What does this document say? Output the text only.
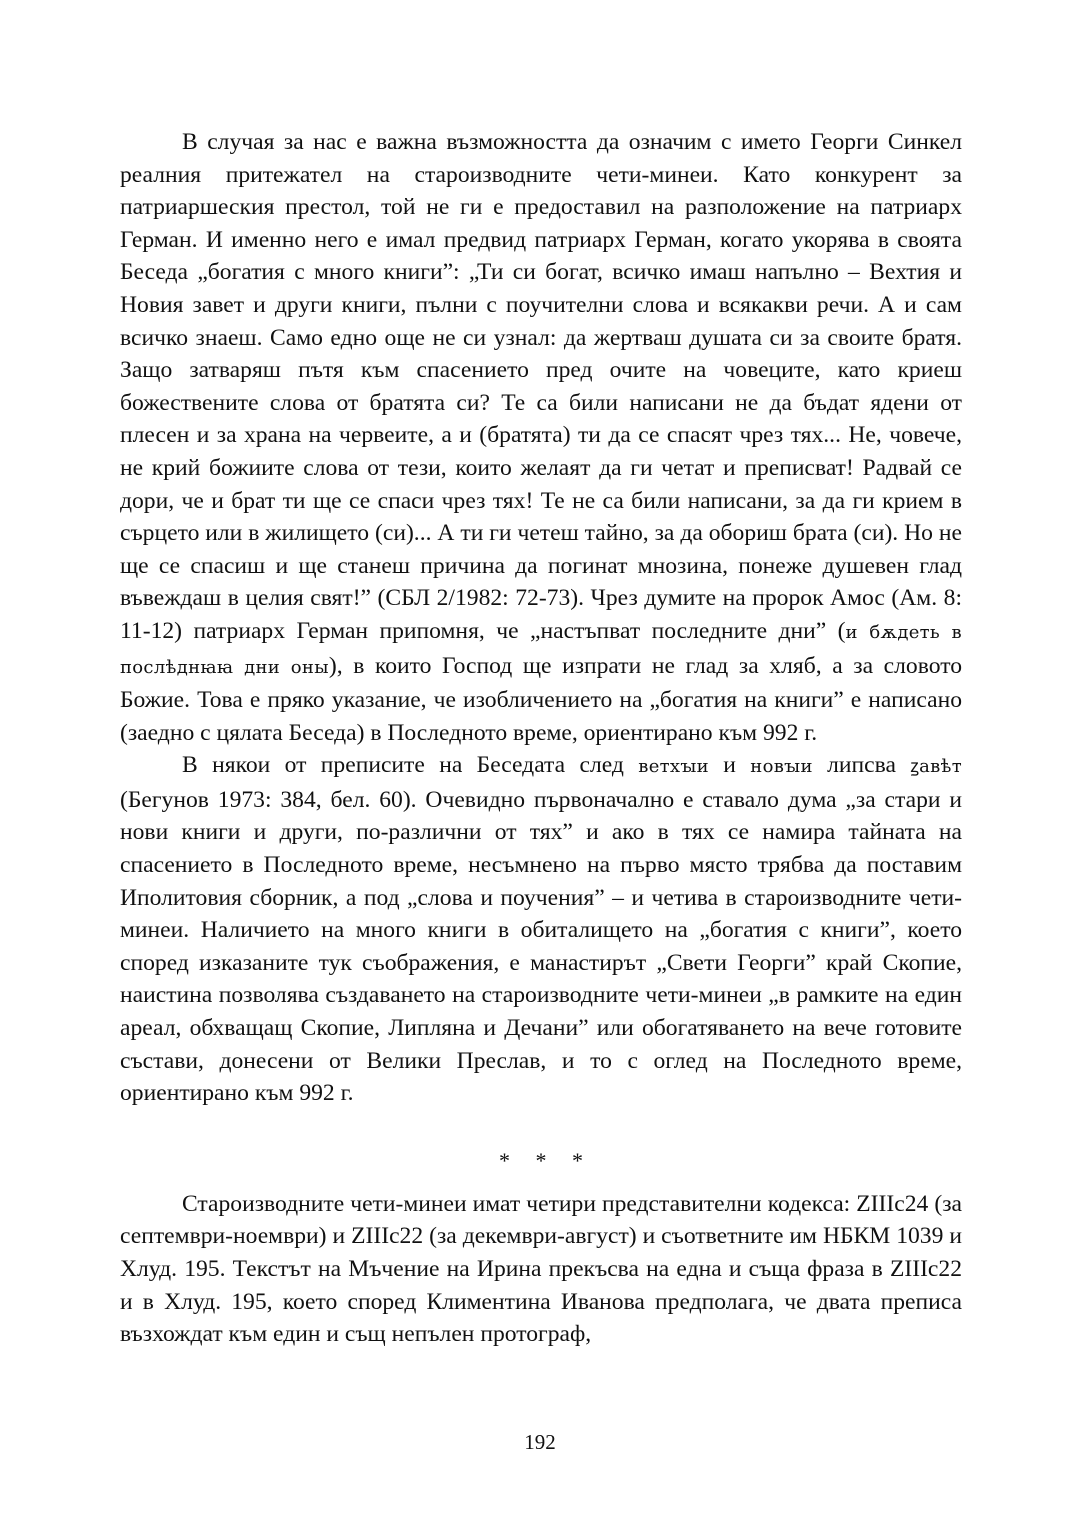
В случая за нас е важна възможността да означим с името Георги Синкел реалния притежател на староизводните чети-минеи. Като конкурент за патриаршеския престол, той не ги е предоставил на разположение на патриарх Герман. И именно него е имал предвид патриарх Герман, когато укорява в своята Беседа „богатия с много книги”: „Ти си богат, всичко имаш напълно – Вехтия и Новия завет и други книги, пълни с поучителни слова и всякакви речи. А и сам всичко знаеш. Само едно още не си узнал: да жертваш душата си за своите братя. Защо затваряш пътя към спасението пред очите на човеците, като криеш божествените слова от братята си? Те са били написани не да бъдат ядени от плесен и за храна на червеите, а и (братята) ти да се спасят чрез тях... Не, човече, не крий божиите слова от тези, които желаят да ги четат и преписват! Радвай се дори, че и брат ти ще се спаси чрез тях! Те не са били написани, за да ги крием в сърцето или в жилището (си)... А ти ги четеш тайно, за да обориш брата (си). Но не ще се спасиш и ще станеш причина да погинат мнозина, понеже душевен глад въвеждаш в целия свят!” (СБЛ 2/1982: 72-73). Чрез думите на пророк Амос (Ам. 8: 11-12) патриарх Герман припомня, че „настъпват последните дни” (и бѫдеть в послѣднꙗꙗ дни оны), в които Господ ще изпрати не глад за хляб, а за словото Божие. Това е пряко указание, че изобличението на „богатия на книги” е написано (заедно с цялата Беседа) в Последното време, ориентирано към 992 г.

В някои от преписите на Беседата след ветхꙑи и новꙑи липсва ꙁавѣт (Бегунов 1973: 384, бел. 60). Очевидно първоначално е ставало дума „за стари и нови книги и други, по-различни от тях” и ако в тях се намира тайната на спасението в Последното време, несъмнено на първо място трябва да поставим Иполитовия сборник, а под „слова и поучения” – и четива в староизводните чети-минеи. Наличието на много книги в обиталището на „богатия с книги”, което според изказаните тук съображения, е манастирът „Свети Георги” край Скопие, наистина позволява създаването на староизводните чети-минеи „в рамките на един ареал, обхващащ Скопие, Липляна и Дечани” или обогатяването на вече готовите състави, донесени от Велики Преслав, и то с оглед на Последното време, ориентирано към 992 г.

* * *

Староизводните чети-минеи имат четири представителни кодекса: ZIIIc24 (за септември-ноември) и ZIIIc22 (за декември-август) и съответните им НБКМ 1039 и Хлуд. 195. Текстът на Мъчение на Ирина прекъсва на една и съща фраза в ZIIIc22 и в Хлуд. 195, което според Климентина Иванова предполага, че двата преписа възхождат към един и същ непълен протограф,

192
